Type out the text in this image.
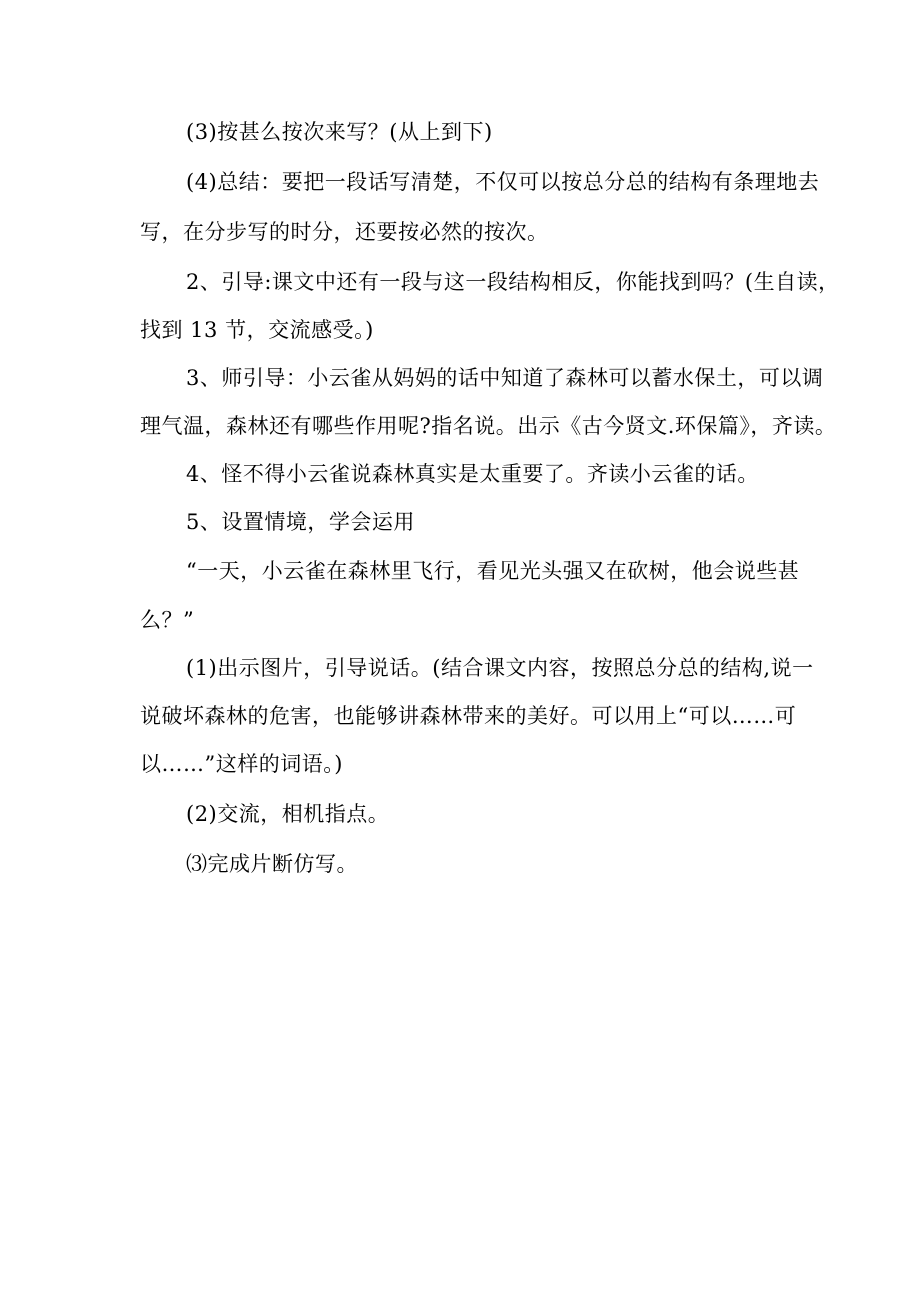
(3)按甚么按次来写？(从上到下)
(4)总结：要把一段话写清楚，不仅可以按总分总的结构有条理地去
写，在分步写的时分，还要按必然的按次。
2、引导:课文中还有一段与这一段结构相反，你能找到吗？(生自读，
找到 13 节，交流感受。)
3、师引导：小云雀从妈妈的话中知道了森林可以蓄水保土，可以调
理气温，森林还有哪些作用呢?指名说。出示《古今贤文.环保篇》，齐读。
4、怪不得小云雀说森林真实是太重要了。齐读小云雀的话。
5、设置情境，学会运用
“一天，小云雀在森林里飞行，看见光头强又在砍树，他会说些甚
么？”
(1)出示图片，引导说话。(结合课文内容，按照总分总的结构,说一
说破坏森林的危害，也能够讲森林带来的美好。可以用上“可以……可
以……”这样的词语。)
(2)交流，相机指点。
⑶完成片断仿写。
